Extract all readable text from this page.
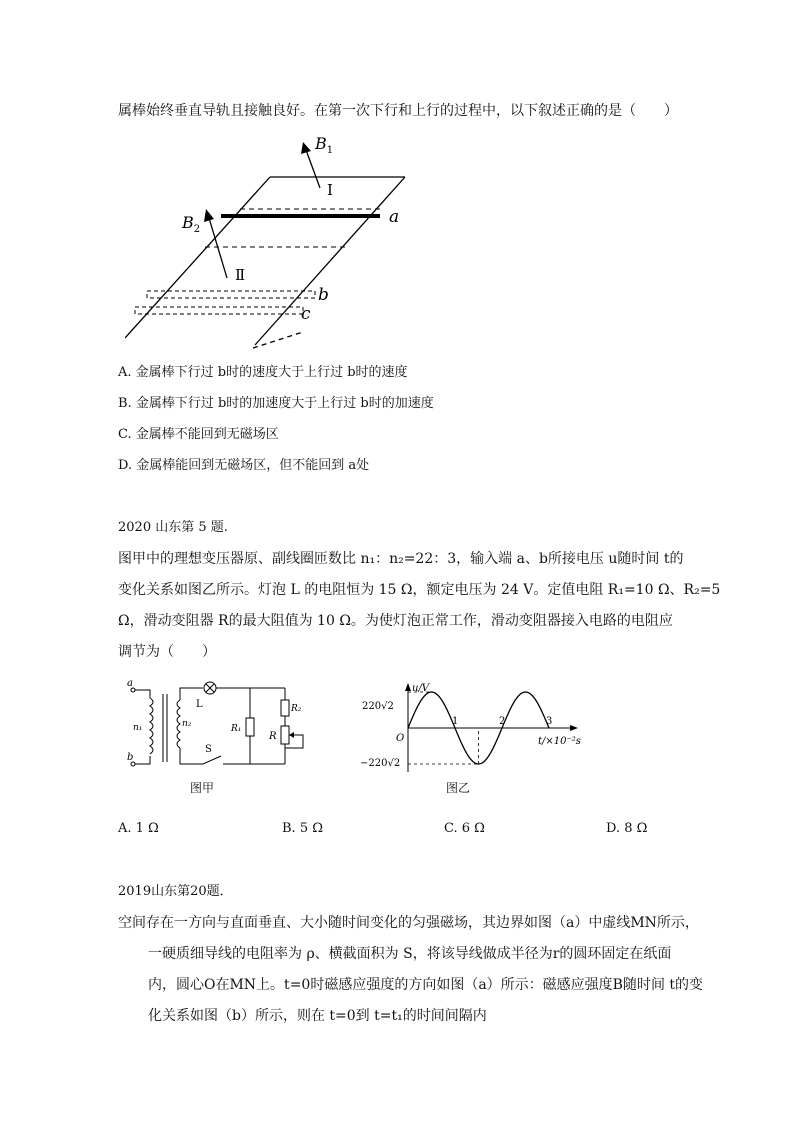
属棒始终垂直导轨且接触良好。在第一次下行和上行的过程中，以下叙述正确的是（　　）
$B_1$
Ⅰ
$B_2$
Ⅱ
a
b
c
A. 金属棒下行过 b时的速度大于上行过 b时的速度
B. 金属棒下行过 b时的加速度大于上行过 b时的加速度
C. 金属棒不能回到无磁场区
D. 金属棒能回到无磁场区，但不能回到 a处
2020 山东第 5 题.
图甲中的理想变压器原、副线圈匝数比 n₁：n₂=22：3，输入端 a、b所接电压 u随时间 t的
变化关系如图乙所示。灯泡 L 的电阻恒为 15 Ω，额定电压为 24 V。定值电阻 R₁=10 Ω、R₂=5
Ω，滑动变阻器 R的最大阻值为 10 Ω。为使灯泡正常工作，滑动变阻器接入电路的电阻应
调节为（　　）
a
b
n₁	n₂
L
S
R₁
R₂
R
图甲
1	2	3
u/V
t/×10⁻²s
O
220√2
−220√2
图乙
A. 1 Ω	B. 5 Ω	C. 6 Ω	D. 8 Ω
2019山东第20题．
空间存在一方向与直面垂直、大小随时间变化的匀强磁场，其边界如图（a）中虚线MN所示，
一硬质细导线的电阻率为 ρ、横截面积为 S，将该导线做成半径为r的圆环固定在纸面
内，圆心O在MN上。t=0时磁感应强度的方向如图（a）所示：磁感应强度B随时间 t的变
化关系如图（b）所示，则在 t=0到 t=t₁的时间间隔内
